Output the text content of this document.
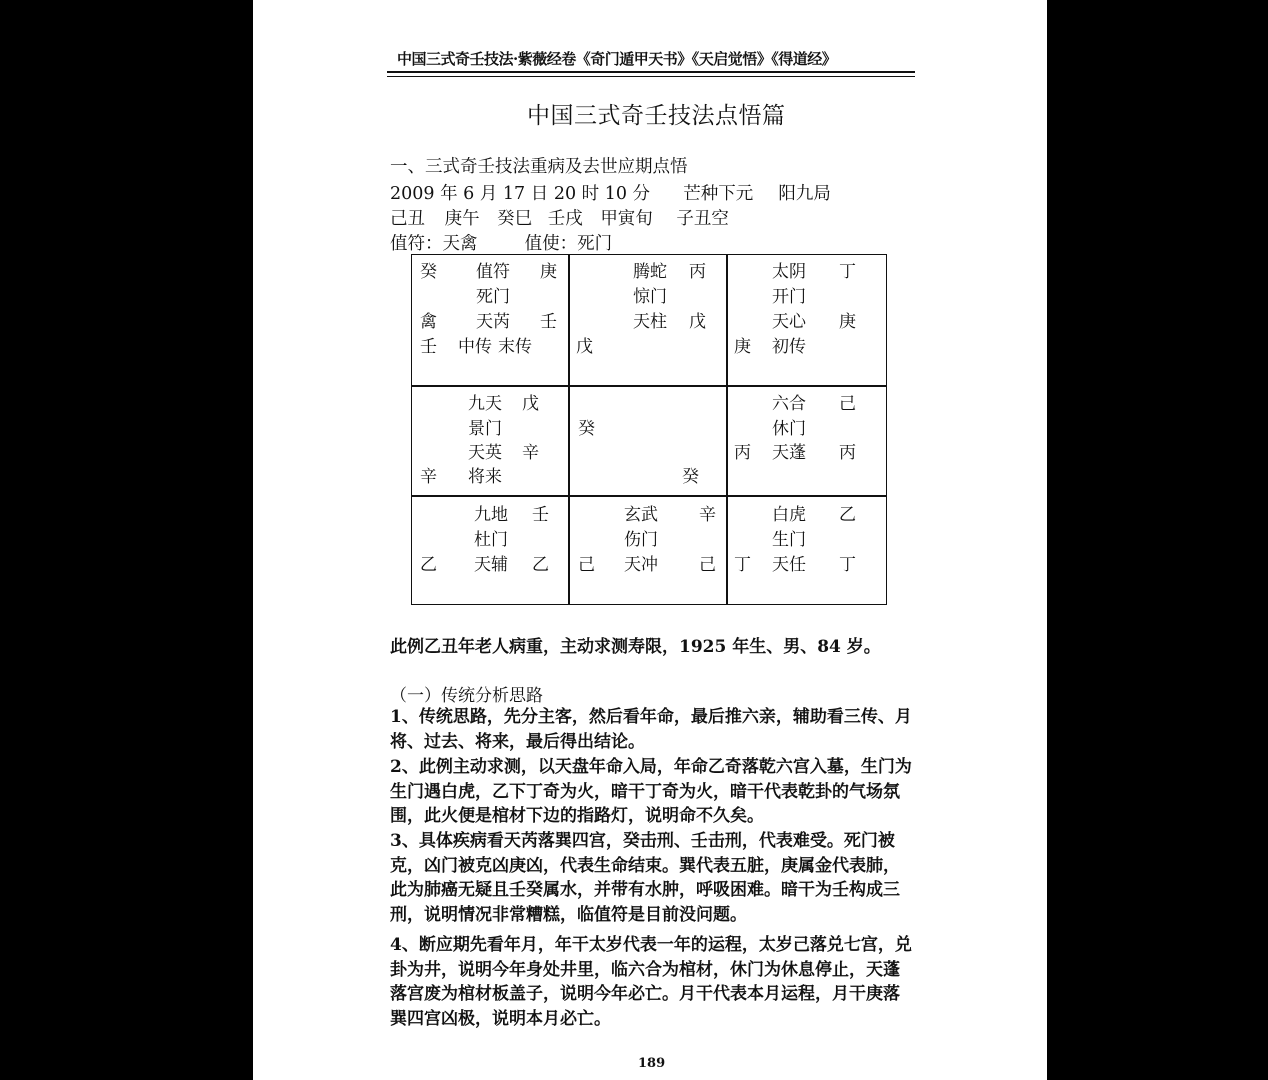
中国三式奇壬技法·紫薇经卷《奇门遁甲天书》《天启觉悟》《得道经》
中国三式奇壬技法点悟篇
一、三式奇壬技法重病及去世应期点悟
2009 年 6 月 17 日 20 时 10 分 芒种下元 阳九局
己丑 庚午 癸巳 壬戌 甲寅旬 子丑空
值符：天禽	值使：死门
癸 值符 庚
死门
禽 天芮 壬
壬 中传 末传
腾蛇 丙
惊门
天柱 戊
戊
太阴 丁
开门
天心 庚
庚 初传
九天 戊
景门
天英 辛
辛 将来
癸
癸
六合 己
休门
丙 天蓬 丙
九地 壬
杜门
乙 天辅 乙
玄武 辛
伤门
己 天冲 己
白虎 乙
生门
丁 天任 丁
此例乙丑年老人病重，主动求测寿限，1925 年生、男、84 岁。
（一）传统分析思路
1、传统思路，先分主客，然后看年命，最后推六亲，辅助看三传、月将、过去、将来，最后得出结论。
2、此例主动求测，以天盘年命入局，年命乙奇落乾六宫入墓，生门为生门遇白虎，乙下丁奇为火，暗干丁奇为火，暗干代表乾卦的气场氛围，此火便是棺材下边的指路灯，说明命不久矣。
3、具体疾病看天芮落巽四宫，癸击刑、壬击刑，代表难受。死门被克，凶门被克凶庚凶，代表生命结束。巽代表五脏，庚属金代表肺，此为肺癌无疑且壬癸属水，并带有水肿，呼吸困难。暗干为壬构成三刑，说明情况非常糟糕，临值符是目前没问题。
4、断应期先看年月，年干太岁代表一年的运程，太岁己落兑七宫，兑卦为井，说明今年身处井里，临六合为棺材，休门为休息停止，天蓬落宫废为棺材板盖子，说明今年必亡。月干代表本月运程，月干庚落巽四宫凶极，说明本月必亡。
189
